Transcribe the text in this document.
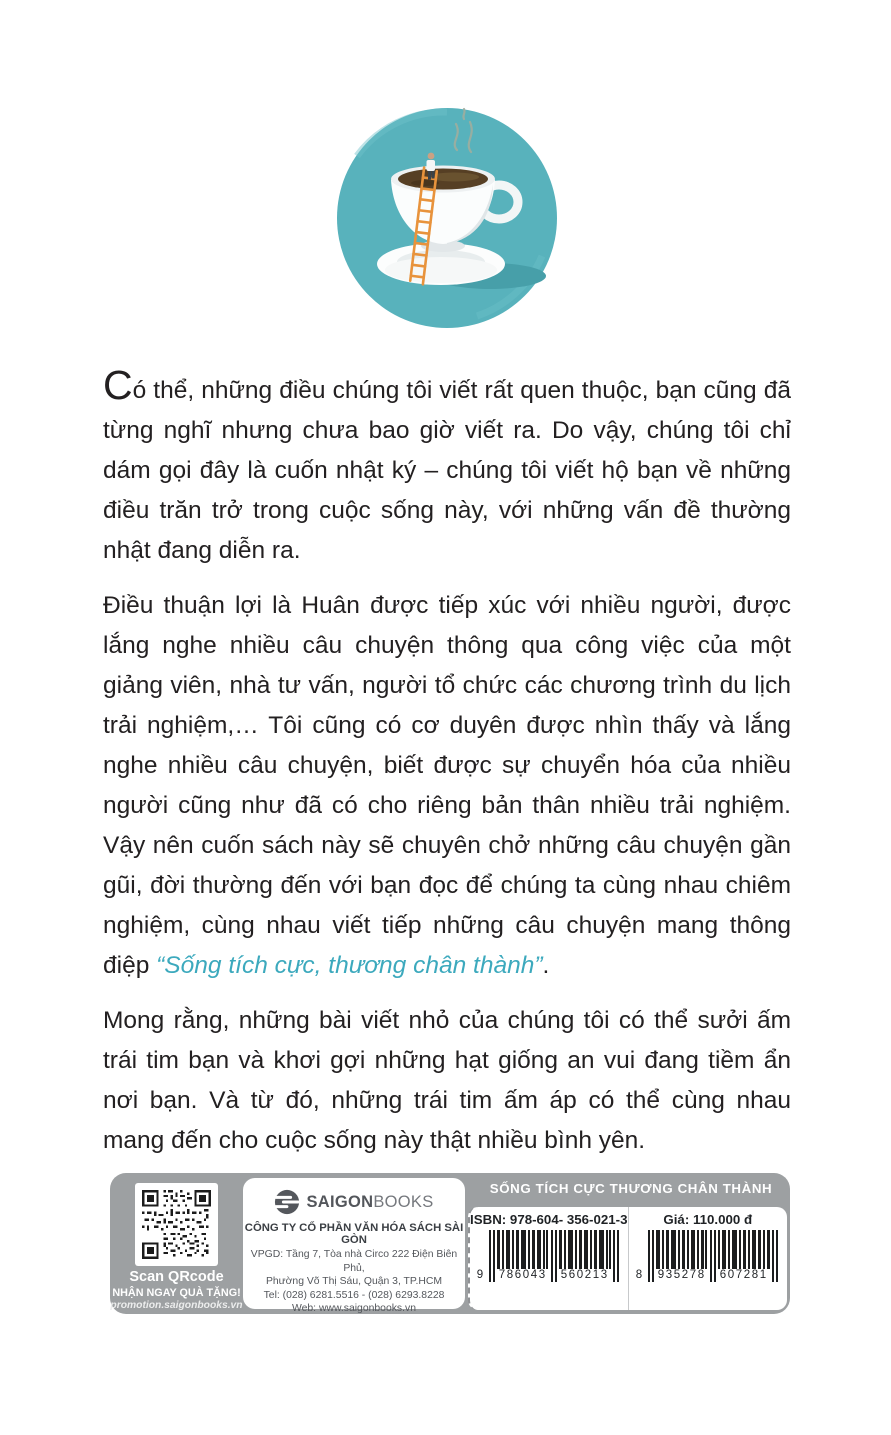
Có thể, những điều chúng tôi viết rất quen thuộc, bạn cũng đã từng nghĩ nhưng chưa bao giờ viết ra. Do vậy, chúng tôi chỉ dám gọi đây là cuốn nhật ký – chúng tôi viết hộ bạn về những điều trăn trở trong cuộc sống này, với những vấn đề thường nhật đang diễn ra.

Điều thuận lợi là Huân được tiếp xúc với nhiều người, được lắng nghe nhiều câu chuyện thông qua công việc của một giảng viên, nhà tư vấn, người tổ chức các chương trình du lịch trải nghiệm,… Tôi cũng có cơ duyên được nhìn thấy và lắng nghe nhiều câu chuyện, biết được sự chuyển hóa của nhiều người cũng như đã có cho riêng bản thân nhiều trải nghiệm. Vậy nên cuốn sách này sẽ chuyên chở những câu chuyện gần gũi, đời thường đến với bạn đọc để chúng ta cùng nhau chiêm nghiệm, cùng nhau viết tiếp những câu chuyện mang thông điệp “Sống tích cực, thương chân thành”.

Mong rằng, những bài viết nhỏ của chúng tôi có thể sưởi ấm trái tim bạn và khơi gợi những hạt giống an vui đang tiềm ẩn nơi bạn. Và từ đó, những trái tim ấm áp có thể cùng nhau mang đến cho cuộc sống này thật nhiều bình yên.

Scan QRcode
NHẬN NGAY QUÀ TẶNG!
promotion.saigonbooks.vn
SAIGONBOOKS
CÔNG TY CỔ PHẦN VĂN HÓA SÁCH SÀI GÒN
VPGD: Tầng 7, Tòa nhà Circo 222 Điện Biên Phủ,
Phường Võ Thị Sáu, Quận 3, TP.HCM
Tel: (028) 6281.5516 - (028) 6293.8228
Web: www.saigonbooks.vn
SỐNG TÍCH CỰC THƯƠNG CHÂN THÀNH
ISBN: 978-604- 356-021-3
9	786043 560213
Giá: 110.000 đ
8	935278 607281
